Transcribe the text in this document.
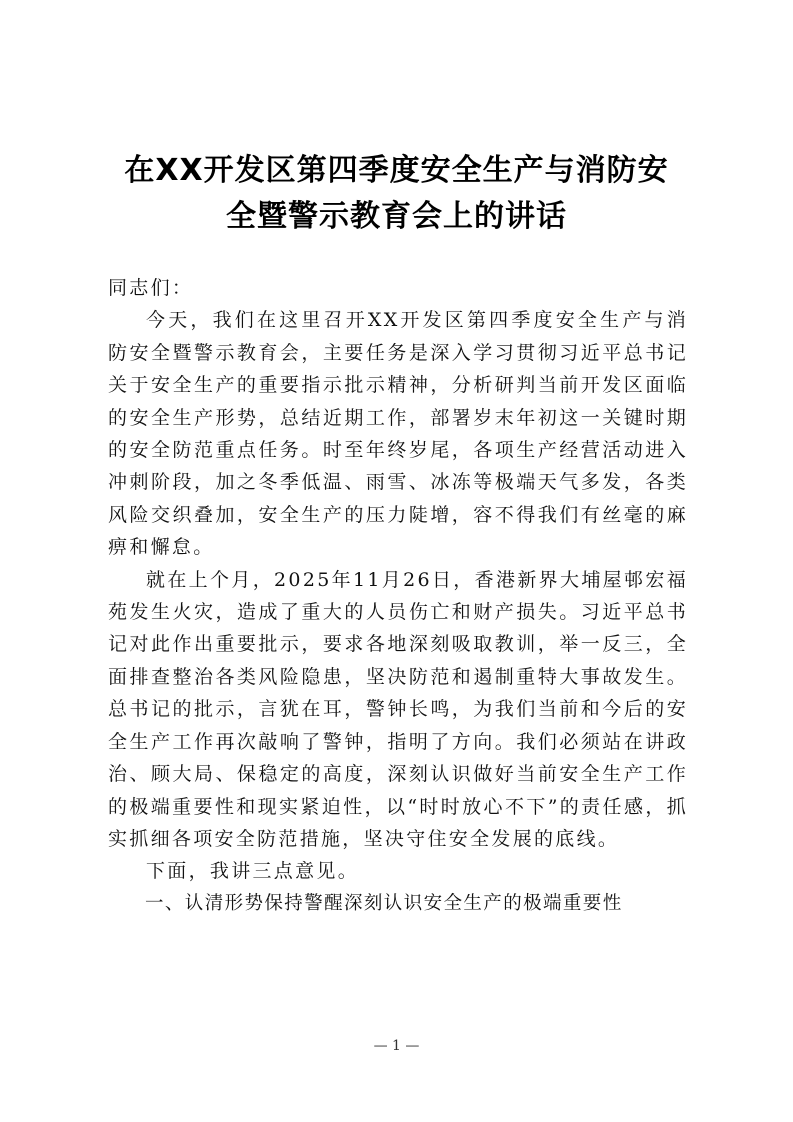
在XX开发区第四季度安全生产与消防安
全暨警示教育会上的讲话

同志们：

今天，我们在这里召开XX开发区第四季度安全生产与消防安全暨警示教育会，主要任务是深入学习贯彻习近平总书记关于安全生产的重要指示批示精神，分析研判当前开发区面临的安全生产形势，总结近期工作，部署岁末年初这一关键时期的安全防范重点任务。时至年终岁尾，各项生产经营活动进入冲刺阶段，加之冬季低温、雨雪、冰冻等极端天气多发，各类风险交织叠加，安全生产的压力陡增，容不得我们有丝毫的麻痹和懈怠。

就在上个月，2025年11月26日，香港新界大埔屋邨宏福苑发生火灾，造成了重大的人员伤亡和财产损失。习近平总书记对此作出重要批示，要求各地深刻吸取教训，举一反三，全面排查整治各类风险隐患，坚决防范和遏制重特大事故发生。总书记的批示，言犹在耳，警钟长鸣，为我们当前和今后的安全生产工作再次敲响了警钟，指明了方向。我们必须站在讲政治、顾大局、保稳定的高度，深刻认识做好当前安全生产工作的极端重要性和现实紧迫性，以“时时放心不下”的责任感，抓实抓细各项安全防范措施，坚决守住安全发展的底线。

下面，我讲三点意见。

一、认清形势保持警醒深刻认识安全生产的极端重要性

— 1 —
